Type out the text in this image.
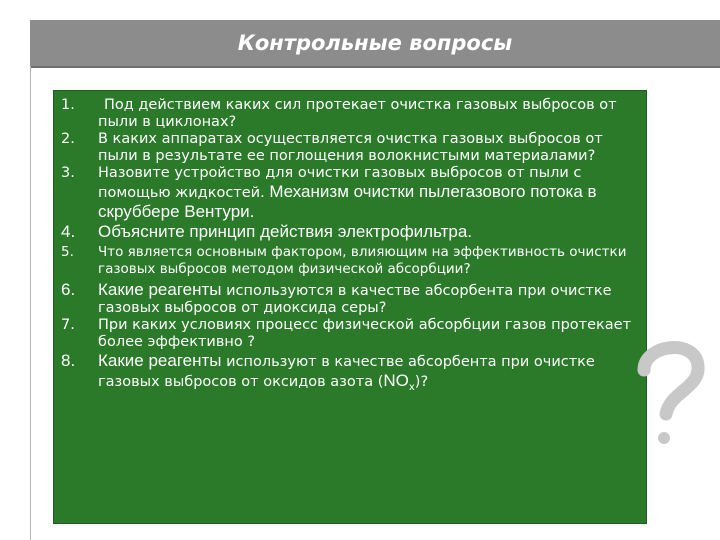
Контрольные вопросы
1. Под действием каких сил протекает очистка газовых выбросов от пыли в циклонах?
2. В каких аппаратах осуществляется очистка газовых выбросов от пыли в результате ее поглощения волокнистыми материалами?
3. Назовите устройство для очистки газовых выбросов от пыли с помощью жидкостей. Механизм очистки пылегазового потока в скруббере Вентури.
4. Объясните принцип действия электрофильтра.
5. Что является основным фактором, влияющим на эффективность очистки газовых выбросов методом физической абсорбции?
6. Какие реагенты используются в качестве абсорбента при очистке газовых выбросов от диоксида серы?
7. При каких условиях процесс физической абсорбции газов протекает более эффективно ?
8. Какие реагенты используют в качестве абсорбента при очистке газовых выбросов от оксидов азота $(NO_x)$?
